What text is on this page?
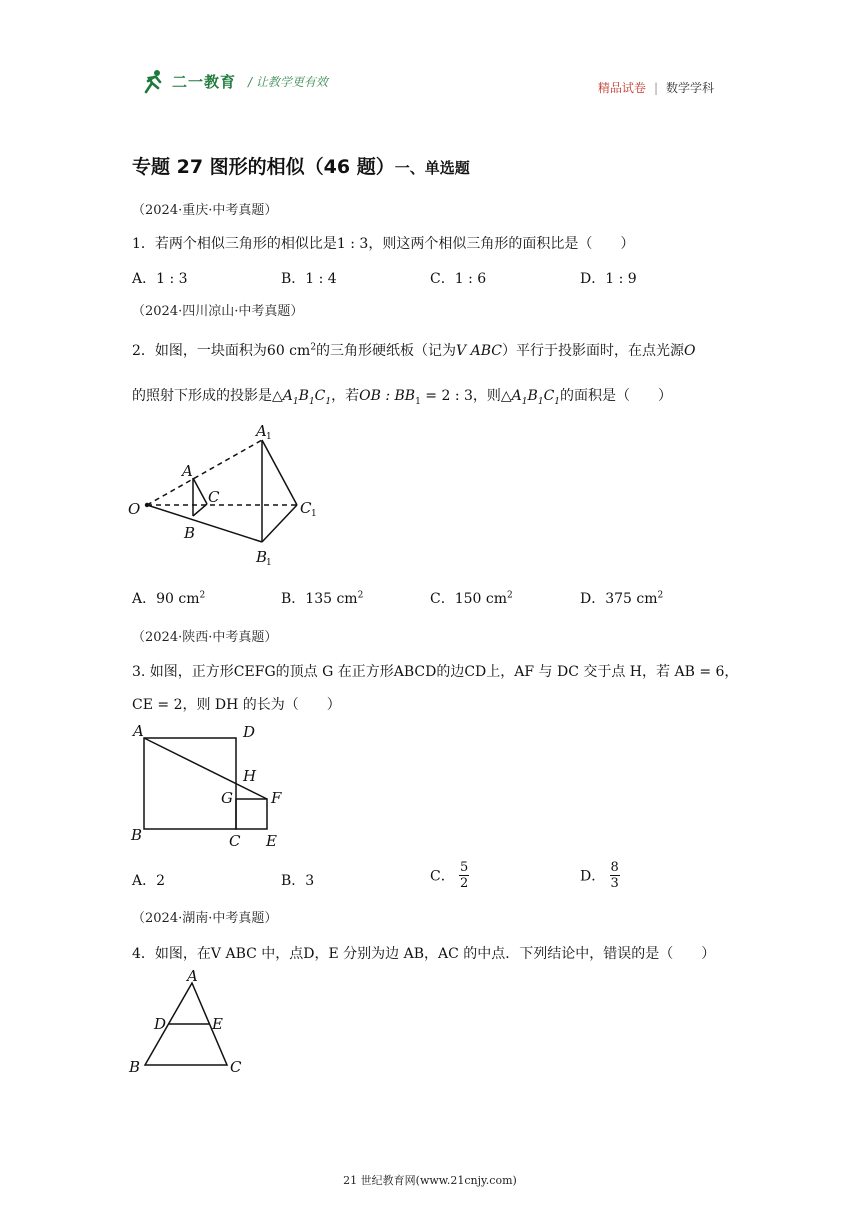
二一教育 / 让教学更有效	精品试卷 | 数学学科
专题 27 图形的相似（46 题）一、单选题
（2024·重庆·中考真题）
1．若两个相似三角形的相似比是1 : 3，则这两个相似三角形的面积比是（　　）
A．1 : 3	B．1 : 4	C．1 : 6	D．1 : 9
（2024·四川凉山·中考真题）
2．如图，一块面积为60 $cm^2$的三角形硬纸板（记为V ABC）平行于投影面时，在点光源O
的照射下形成的投影是$\triangle A_1B_1C_1$，若OB : $BB_1 = 2$ : 3，则$\triangle A_1B_1C_1$的面积是（　　）
A 1
A
C
O	C 1
B
B
1
A．90 $cm^2$	B．135 $cm^2$	C．150 $cm^2$	D．375 $cm^2$
（2024·陕西·中考真题）
3. 如图，正方形CEFG的顶点 G 在正方形ABCD的边CD上，AF 与 DC 交于点 H，若 AB = 6，
CE = 2，则 DH 的长为（　　）
A	D
H
G	F
B	C E
A．2	B．3	C． $\frac{5}{2}$	D． $\frac{8}{3}$
（2024·湖南·中考真题）
4．如图，在V ABC 中，点D，E 分别为边 AB，AC 的中点．下列结论中，错误的是（　　）
A
D	E
B	C
21 世纪教育网(www.21cnjy.com)
